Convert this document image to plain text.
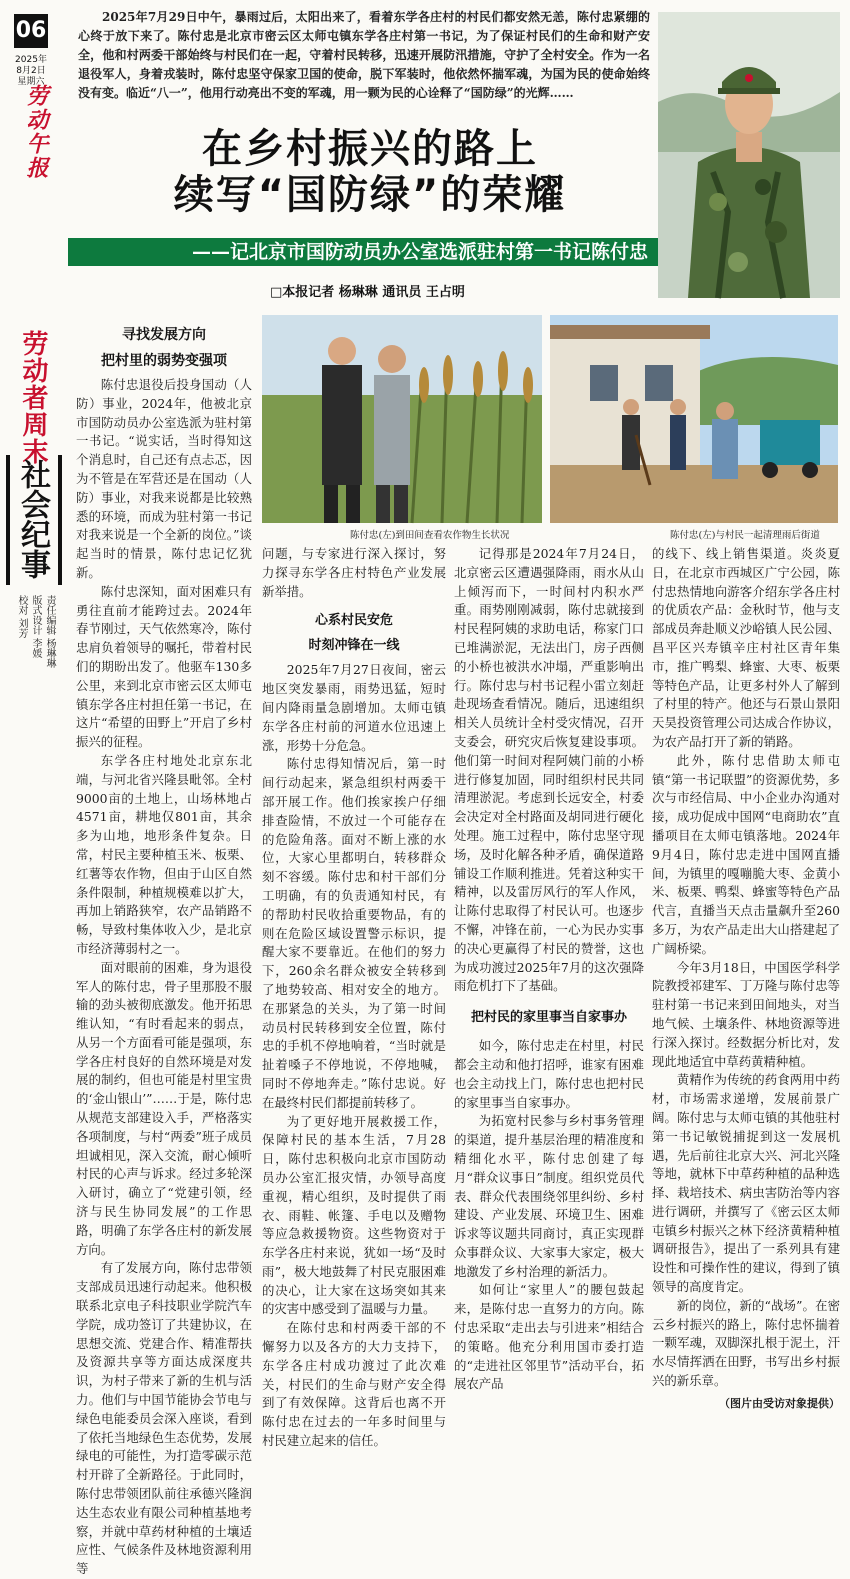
06
2025年
8月2日
星期六
劳动午报
劳动者周末
社会纪事
责任编辑 杨琳琳
版式设计 李媛
校对 刘芳
2025年7月29日中午，暴雨过后，太阳出来了，看着东学各庄村的村民们都安然无恙，陈付忠紧绷的心终于放下来了。陈付忠是北京市密云区太师屯镇东学各庄村第一书记，为了保证村民们的生命和财产安全，他和村两委干部始终与村民们在一起，守着村民转移，迅速开展防汛措施，守护了全村安全。作为一名退役军人，身着戎装时，陈付忠坚守保家卫国的使命，脱下军装时，他依然怀揣军魂，为国为民的使命始终没有变。临近“八一”，他用行动亮出不变的军魂，用一颗为民的心诠释了“国防绿”的光辉……
在乡村振兴的路上
续写“国防绿”的荣耀
——记北京市国防动员办公室选派驻村第一书记陈付忠
□本报记者 杨琳琳 通讯员 王占明
陈付忠(左)到田间查看农作物生长状况	陈付忠(左)与村民一起清理雨后街道
寻找发展方向
把村里的弱势变强项

陈付忠退役后投身国动（人防）事业，2024年，他被北京市国防动员办公室选派为驻村第一书记。“说实话，当时得知这个消息时，自己还有点忐忑，因为不管是在军营还是在国动（人防）事业，对我来说都是比较熟悉的环境，而成为驻村第一书记对我来说是一个全新的岗位。”谈起当时的情景，陈付忠记忆犹新。

陈付忠深知，面对困难只有勇往直前才能跨过去。2024年春节刚过，天气依然寒冷，陈付忠肩负着领导的嘱托，带着村民们的期盼出发了。他驱车130多公里，来到北京市密云区太师屯镇东学各庄村担任第一书记，在这片“希望的田野上”开启了乡村振兴的征程。

东学各庄村地处北京东北端，与河北省兴隆县毗邻。全村9000亩的土地上，山场林地占4571亩，耕地仅801亩，其余多为山地，地形条件复杂。日常，村民主要种植玉米、板栗、红薯等农作物，但由于山区自然条件限制，种植规模难以扩大，再加上销路狭窄，农产品销路不畅，导致村集体收入少，是北京市经济薄弱村之一。

面对眼前的困难，身为退役军人的陈付忠，骨子里那股不服输的劲头被彻底激发。他开拓思维认知，“有时看起来的弱点，从另一个方面看可能是强项，东学各庄村良好的自然环境是对发展的制约，但也可能是村里宝贵的‘金山银山’”……于是，陈付忠从规范支部建设入手，严格落实各项制度，与村“两委”班子成员坦诚相见，深入交流，耐心倾听村民的心声与诉求。经过多轮深入研讨，确立了“党建引领，经济与民生协同发展”的工作思路，明确了东学各庄村的新发展方向。

有了发展方向，陈付忠带领支部成员迅速行动起来。他积极联系北京电子科技职业学院汽车学院，成功签订了共建协议，在思想交流、党建合作、精准帮扶及资源共享等方面达成深度共识，为村子带来了新的生机与活力。他们与中国节能协会节电与绿色电能委员会深入座谈，看到了依托当地绿色生态优势，发展绿电的可能性，为打造零碳示范村开辟了全新路径。于此同时，陈付忠带领团队前往承德兴隆润达生态农业有限公司种植基地考察，并就中草药材种植的土壤适应性、气候条件及林地资源利用等

问题，与专家进行深入探讨，努力探寻东学各庄村特色产业发展新举措。

心系村民安危
时刻冲锋在一线

2025年7月27日夜间，密云地区突发暴雨，雨势迅猛，短时间内降雨量急剧增加。太师屯镇东学各庄村前的河道水位迅速上涨，形势十分危急。

陈付忠得知情况后，第一时间行动起来，紧急组织村两委干部开展工作。他们挨家挨户仔细排查险情，不放过一个可能存在的危险角落。面对不断上涨的水位，大家心里都明白，转移群众刻不容缓。陈付忠和村干部们分工明确，有的负责通知村民，有的帮助村民收拾重要物品，有的则在危险区域设置警示标识，提醒大家不要靠近。在他们的努力下，260余名群众被安全转移到了地势较高、相对安全的地方。在那紧急的关头，为了第一时间动员村民转移到安全位置，陈付忠的手机不停地响着，“当时就是扯着嗓子不停地说，不停地喊，同时不停地奔走。”陈付忠说。好在最终村民们都提前转移了。

为了更好地开展救援工作，保障村民的基本生活，7月28日，陈付忠积极向北京市国防动员办公室汇报灾情，办领导高度重视，精心组织，及时提供了雨衣、雨鞋、帐篷、手电以及赠物等应急救援物资。这些物资对于东学各庄村来说，犹如一场“及时雨”，极大地鼓舞了村民克服困难的决心，让大家在这场突如其来的灾害中感受到了温暖与力量。

在陈付忠和村两委干部的不懈努力以及各方的大力支持下，东学各庄村成功渡过了此次难关，村民们的生命与财产安全得到了有效保障。这背后也离不开陈付忠在过去的一年多时间里与村民建立起来的信任。

记得那是2024年7月24日，北京密云区遭遇强降雨，雨水从山上倾泻而下，一时间村内积水严重。雨势刚刚减弱，陈付忠就接到村民程阿姨的求助电话，称家门口已堆满淤泥，无法出门，房子西侧的小桥也被洪水冲塌，严重影响出行。陈付忠与村书记程小雷立刻赶赴现场查看情况。随后，迅速组织相关人员统计全村受灾情况，召开支委会，研究灾后恢复建设事项。他们第一时间对程阿姨门前的小桥进行修复加固，同时组织村民共同清理淤泥。考虑到长远安全，村委会决定对全村路面及胡同进行硬化处理。施工过程中，陈付忠坚守现场，及时化解各种矛盾，确保道路铺设工作顺利推进。凭着这种实干精神，以及雷厉风行的军人作风，让陈付忠取得了村民认可。也逐步不懈，冲锋在前，一心为民办实事的决心更赢得了村民的赞誉，这也为成功渡过2025年7月的这次强降雨危机打下了基础。

把村民的家里事当自家事办

如今，陈付忠走在村里，村民都会主动和他打招呼，谁家有困难也会主动找上门，陈付忠也把村民的家里事当自家事办。

为拓宽村民参与乡村事务管理的渠道，提升基层治理的精准度和精细化水平，陈付忠创建了每月“群众议事日”制度。组织党员代表、群众代表围绕邻里纠纷、乡村建设、产业发展、环境卫生、困难诉求等议题共同商讨，真正实现群众事群众议、大家事大家定，极大地激发了乡村治理的新活力。

如何让“家里人”的腰包鼓起来，是陈付忠一直努力的方向。陈付忠采取“走出去与引进来”相结合的策略。他充分利用国市委打造的“走进社区邻里节”活动平台，拓展农产品

的线下、线上销售渠道。炎炎夏日，在北京市西城区广宁公园，陈付忠热情地向游客介绍东学各庄村的优质农产品：金秋时节，他与支部成员奔赴顺义沙峪镇人民公园、昌平区兴寿镇辛庄村社区青年集市，推广鸭梨、蜂蜜、大枣、板栗等特色产品，让更多村外人了解到了村里的特产。他还与石景山景阳天昊投资管理公司达成合作协议，为农产品打开了新的销路。

此外，陈付忠借助太师屯镇“第一书记联盟”的资源优势，多次与市经信局、中小企业办沟通对接，成功促成中国网“电商助农”直播项目在太师屯镇落地。2024年9月4日，陈付忠走进中国网直播间，为镇里的嘎嘣脆大枣、金黄小米、板栗、鸭梨、蜂蜜等特色产品代言，直播当天点击量飙升至260多万，为农产品走出大山搭建起了广阔桥梁。

今年3月18日，中国医学科学院教授祁建军、丁万隆与陈付忠等驻村第一书记来到田间地头，对当地气候、土壤条件、林地资源等进行深入探讨。经数据分析比对，发现此地适宜中草药黄精种植。

黄精作为传统的药食两用中药材，市场需求递增，发展前景广阔。陈付忠与太师屯镇的其他驻村第一书记敏锐捕捉到这一发展机遇，先后前往北京大兴、河北兴隆等地，就林下中草药种植的品种选择、栽培技术、病虫害防治等内容进行调研，并撰写了《密云区太师屯镇乡村振兴之林下经济黄精种植调研报告》，提出了一系列具有建设性和可操作性的建议，得到了镇领导的高度肯定。

新的岗位，新的“战场”。在密云乡村振兴的路上，陈付忠怀揣着一颗军魂，双脚深扎根于泥土，汗水尽情挥洒在田野，书写出乡村振兴的新乐章。

（图片由受访对象提供）
